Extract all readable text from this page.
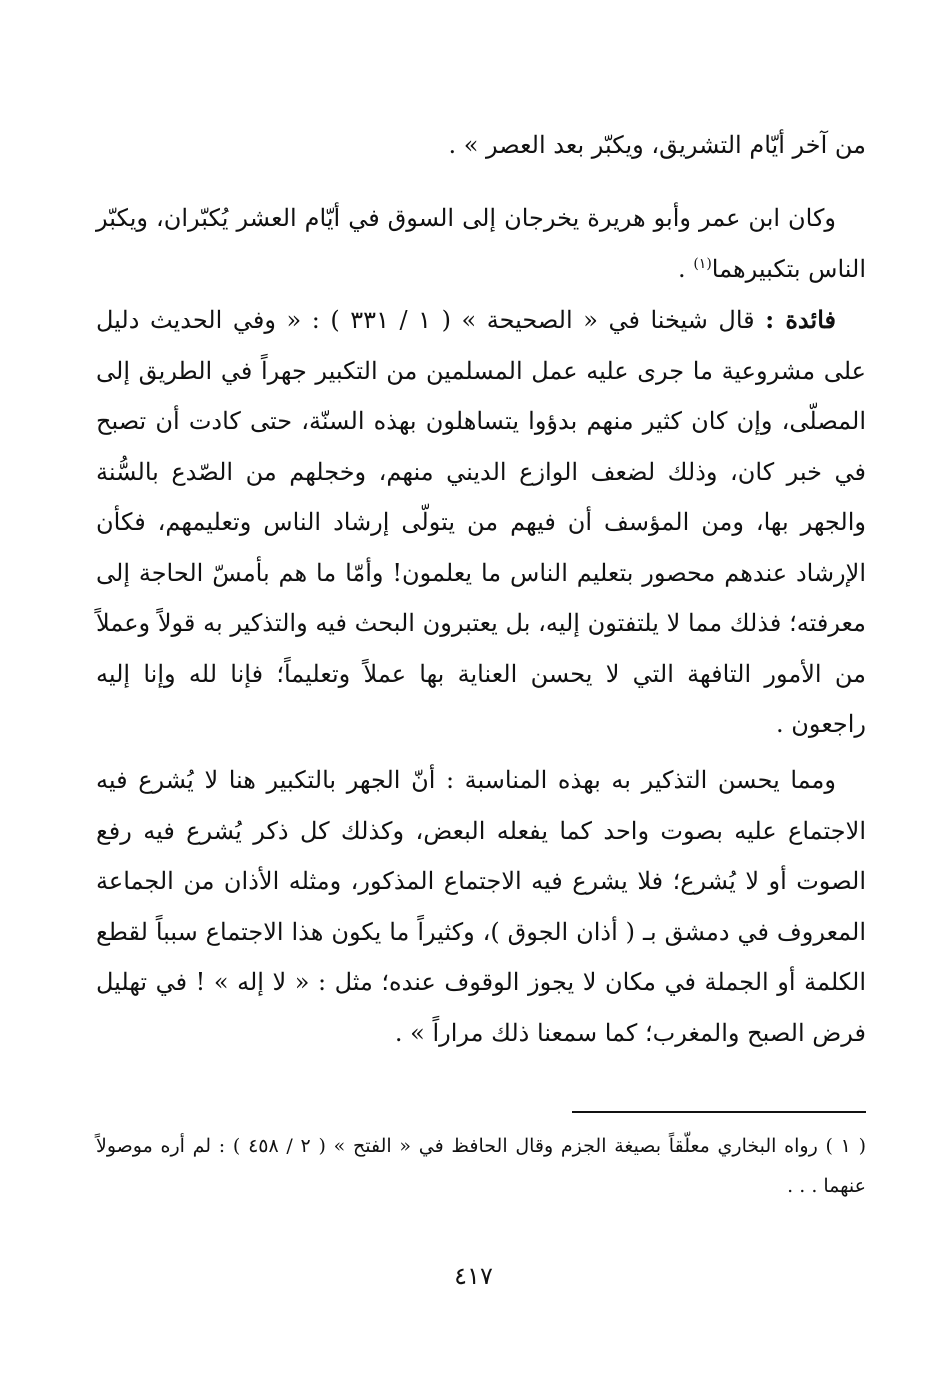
من آخر أيّام التشريق، ويكبّر بعد العصر » .

وكان ابن عمر وأبو هريرة يخرجان إلى السوق في أيّام العشر يُكبّران، ويكبّر الناس بتكبيرهما$^{(١)}$ .

فائدة : قال شيخنا في « الصحيحة » ( ١ / ٣٣١ ) : « وفي الحديث دليل على مشروعية ما جرى عليه عمل المسلمين من التكبير جهراً في الطريق إلى المصلّى، وإن كان كثير منهم بدؤوا يتساهلون بهذه السنّة، حتى كادت أن تصبح في خبر كان، وذلك لضعف الوازع الديني منهم، وخجلهم من الصّدع بالسُّنة والجهر بها، ومن المؤسف أن فيهم من يتولّى إرشاد الناس وتعليمهم، فكأن الإرشاد عندهم محصور بتعليم الناس ما يعلمون! وأمّا ما هم بأمسّ الحاجة إلى معرفته؛ فذلك مما لا يلتفتون إليه، بل يعتبرون البحث فيه والتذكير به قولاً وعملاً من الأمور التافهة التي لا يحسن العناية بها عملاً وتعليماً؛ فإنا لله وإنا إليه راجعون .

ومما يحسن التذكير به بهذه المناسبة : أنّ الجهر بالتكبير هنا لا يُشرع فيه الاجتماع عليه بصوت واحد كما يفعله البعض، وكذلك كل ذكر يُشرع فيه رفع الصوت أو لا يُشرع؛ فلا يشرع فيه الاجتماع المذكور، ومثله الأذان من الجماعة المعروف في دمشق بـ ( أذان الجوق )، وكثيراً ما يكون هذا الاجتماع سبباً لقطع الكلمة أو الجملة في مكان لا يجوز الوقوف عنده؛ مثل : « لا إله » ! في تهليل فرض الصبح والمغرب؛ كما سمعنا ذلك مراراً » .

( ١ ) رواه البخاري معلّقاً بصيغة الجزم وقال الحافظ في « الفتح » ( ٢ / ٤٥٨ ) : لم أره موصولاً عنهما . . .

٤١٧
